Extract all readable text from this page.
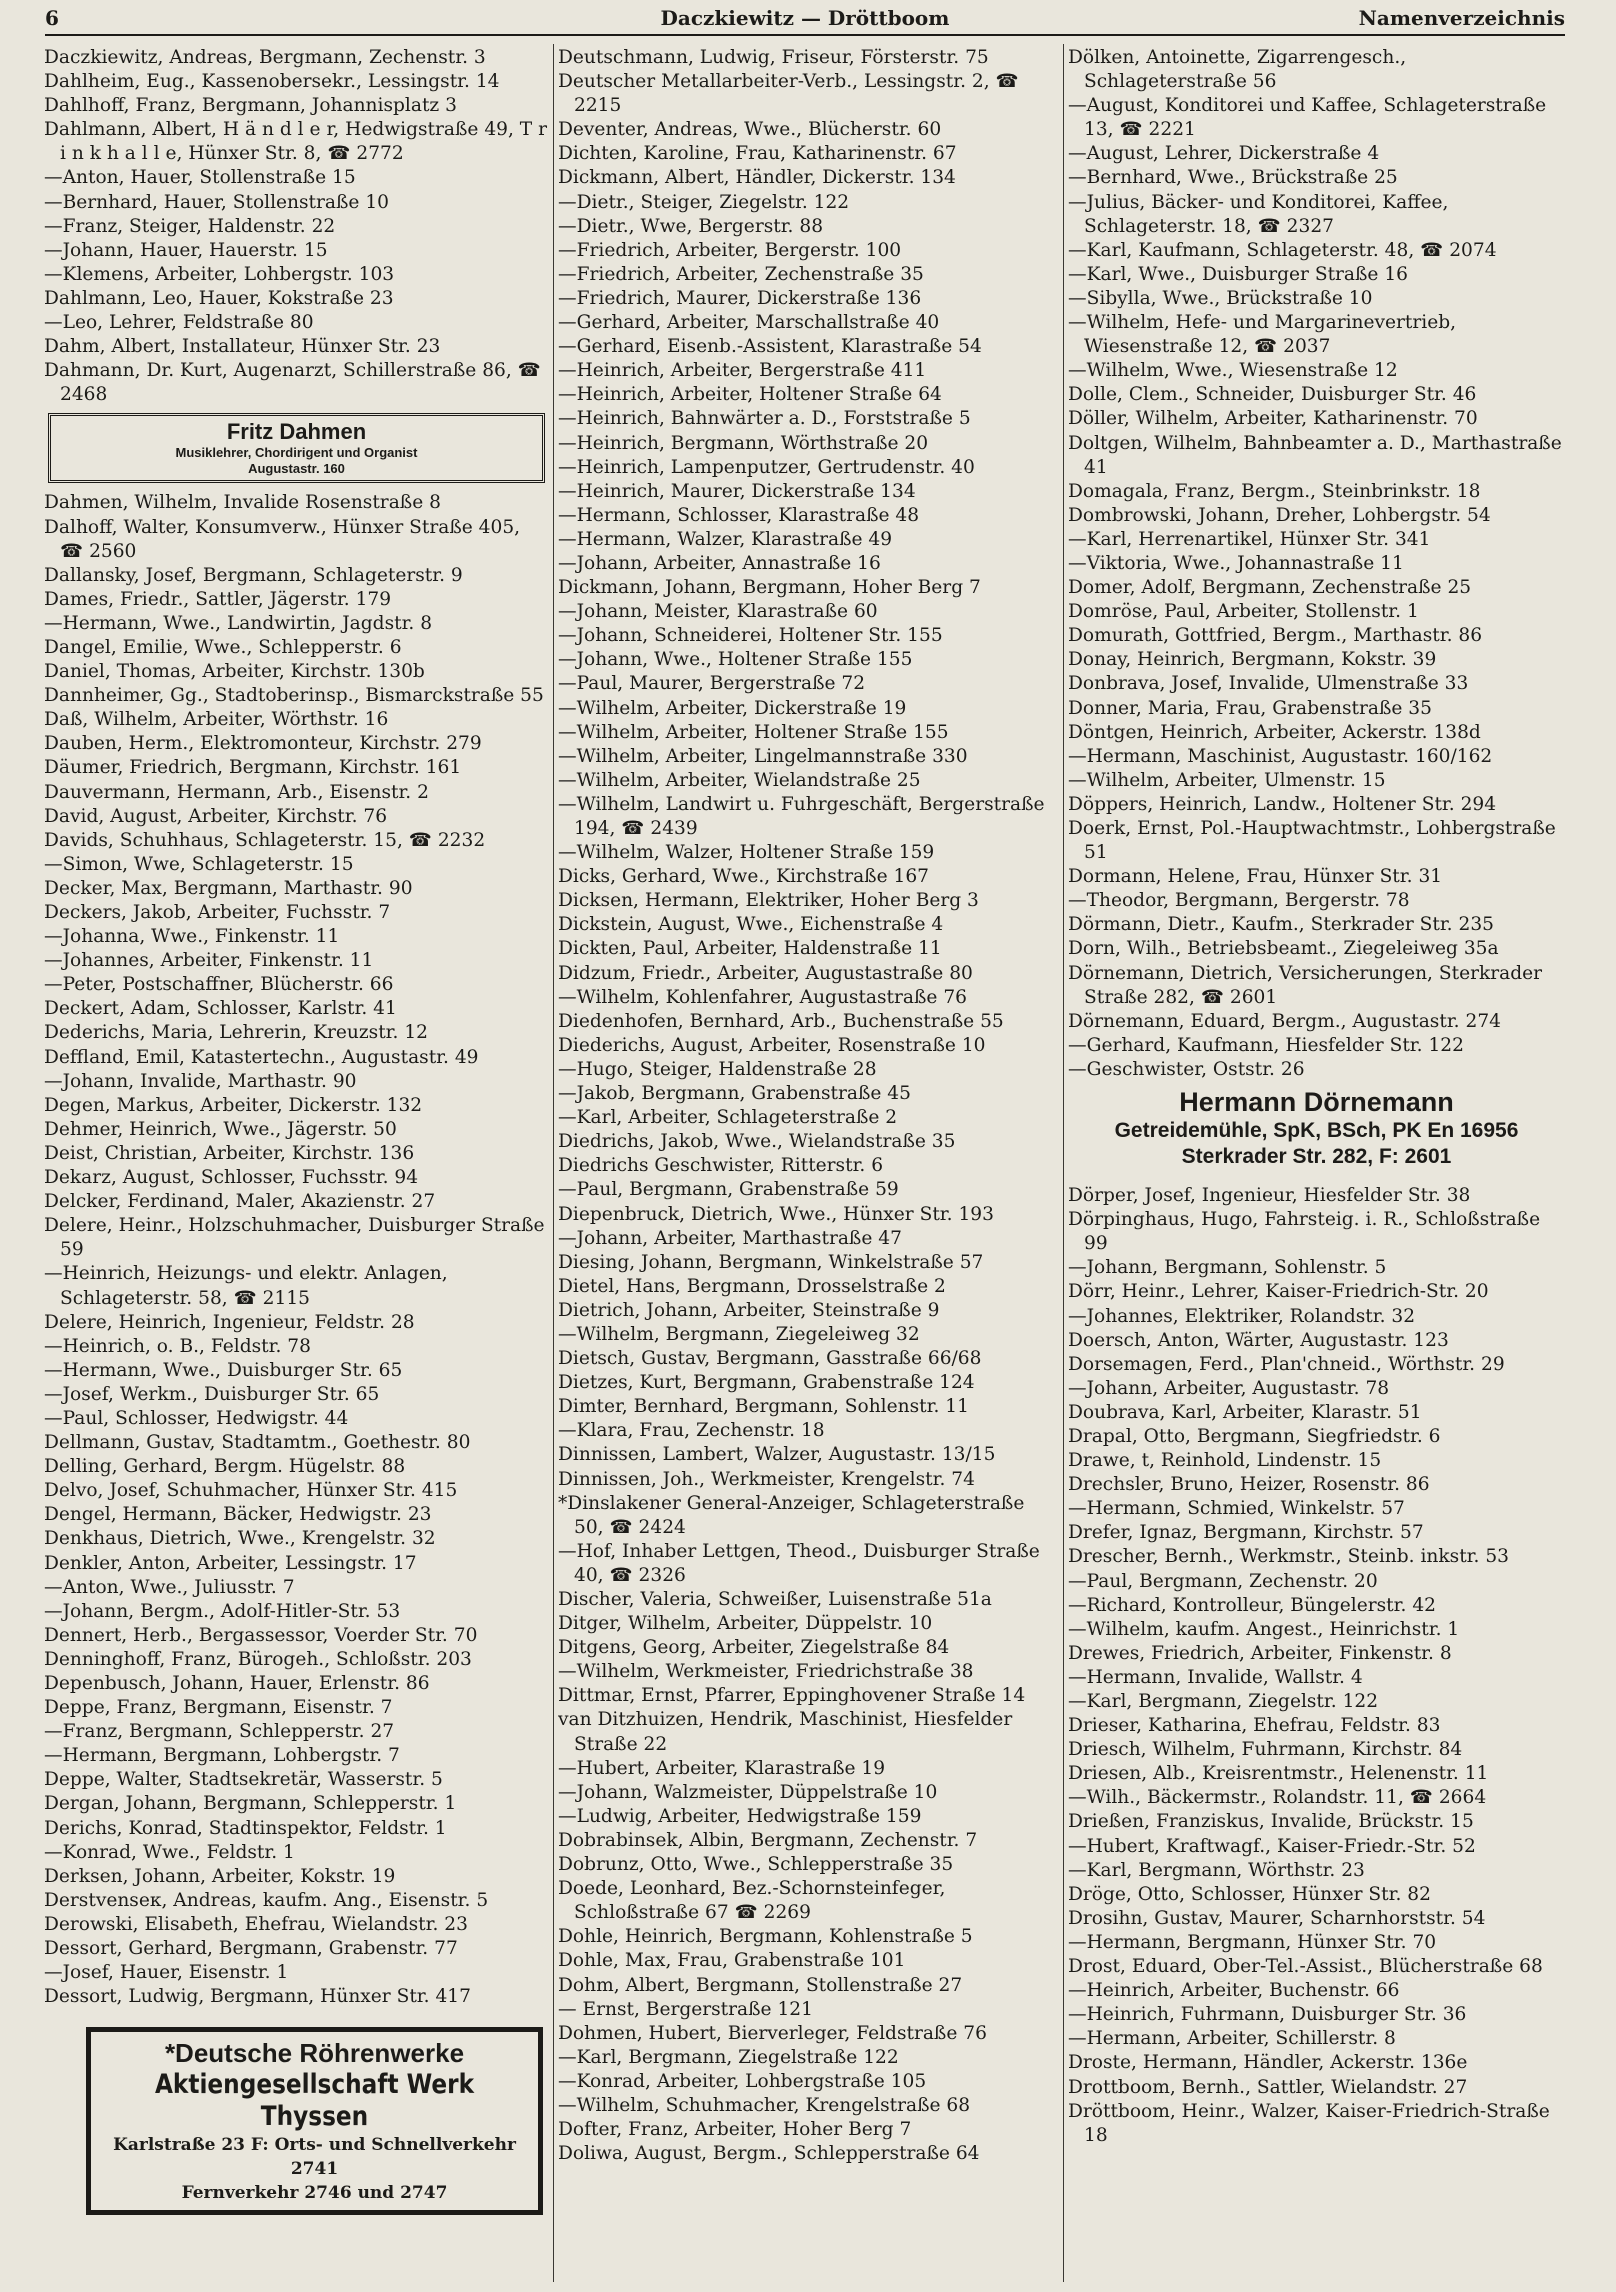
6	Daczkiewitz — Dröttboom	Namenverzeichnis

Daczkiewitz, Andreas, Bergmann, Zechenstr. 3

Dahlheim, Eug., Kassenobersekr., Lessingstr. 14

Dahlhoff, Franz, Bergmann, Johannisplatz 3

Dahlmann, Albert, H ä n d l e r, Hedwigstraße 49, T r i n k h a l l e, Hünxer Str. 8, ☎ 2772

—Anton, Hauer, Stollenstraße 15

—Bernhard, Hauer, Stollenstraße 10

—Franz, Steiger, Haldenstr. 22

—Johann, Hauer, Hauerstr. 15

—Klemens, Arbeiter, Lohbergstr. 103

Dahlmann, Leo, Hauer, Kokstraße 23

—Leo, Lehrer, Feldstraße 80

Dahm, Albert, Installateur, Hünxer Str. 23

Dahmann, Dr. Kurt, Augenarzt, Schillerstraße 86, ☎ 2468

Fritz Dahmen
Musiklehrer, Chordirigent und Organist
Augustastr. 160

Dahmen, Wilhelm, Invalide Rosenstraße 8

Dalhoff, Walter, Konsumverw., Hünxer Straße 405, ☎ 2560

Dallansky, Josef, Bergmann, Schlageterstr. 9

Dames, Friedr., Sattler, Jägerstr. 179

—Hermann, Wwe., Landwirtin, Jagdstr. 8

Dangel, Emilie, Wwe., Schlepperstr. 6

Daniel, Thomas, Arbeiter, Kirchstr. 130b

Dannheimer, Gg., Stadtoberinsp., Bismarckstraße 55

Daß, Wilhelm, Arbeiter, Wörthstr. 16

Dauben, Herm., Elektromonteur, Kirchstr. 279

Däumer, Friedrich, Bergmann, Kirchstr. 161

Dauvermann, Hermann, Arb., Eisenstr. 2

David, August, Arbeiter, Kirchstr. 76

Davids, Schuhhaus, Schlageterstr. 15, ☎ 2232

—Simon, Wwe, Schlageterstr. 15

Decker, Max, Bergmann, Marthastr. 90

Deckers, Jakob, Arbeiter, Fuchsstr. 7

—Johanna, Wwe., Finkenstr. 11

—Johannes, Arbeiter, Finkenstr. 11

—Peter, Postschaffner, Blücherstr. 66

Deckert, Adam, Schlosser, Karlstr. 41

Dederichs, Maria, Lehrerin, Kreuzstr. 12

Deffland, Emil, Katastertechn., Augustastr. 49

—Johann, Invalide, Marthastr. 90

Degen, Markus, Arbeiter, Dickerstr. 132

Dehmer, Heinrich, Wwe., Jägerstr. 50

Deist, Christian, Arbeiter, Kirchstr. 136

Dekarz, August, Schlosser, Fuchsstr. 94

Delcker, Ferdinand, Maler, Akazienstr. 27

Delere, Heinr., Holzschuhmacher, Duisburger Straße 59

—Heinrich, Heizungs- und elektr. Anlagen, Schlageterstr. 58, ☎ 2115

Delere, Heinrich, Ingenieur, Feldstr. 28

—Heinrich, o. B., Feldstr. 78

—Hermann, Wwe., Duisburger Str. 65

—Josef, Werkm., Duisburger Str. 65

—Paul, Schlosser, Hedwigstr. 44

Dellmann, Gustav, Stadtamtm., Goethestr. 80

Delling, Gerhard, Bergm. Hügelstr. 88

Delvo, Josef, Schuhmacher, Hünxer Str. 415

Dengel, Hermann, Bäcker, Hedwigstr. 23

Denkhaus, Dietrich, Wwe., Krengelstr. 32

Denkler, Anton, Arbeiter, Lessingstr. 17

—Anton, Wwe., Juliusstr. 7

—Johann, Bergm., Adolf-Hitler-Str. 53

Dennert, Herb., Bergassessor, Voerder Str. 70

Denninghoff, Franz, Bürogeh., Schloßstr. 203

Depenbusch, Johann, Hauer, Erlenstr. 86

Deppe, Franz, Bergmann, Eisenstr. 7

—Franz, Bergmann, Schlepperstr. 27

—Hermann, Bergmann, Lohbergstr. 7

Deppe, Walter, Stadtsekretär, Wasserstr. 5

Dergan, Johann, Bergmann, Schlepperstr. 1

Derichs, Konrad, Stadtinspektor, Feldstr. 1

—Konrad, Wwe., Feldstr. 1

Derksen, Johann, Arbeiter, Kokstr. 19

Derstvenseк, Andreas, kaufm. Ang., Eisenstr. 5

Derowski, Elisabeth, Ehefrau, Wielandstr. 23

Dessort, Gerhard, Bergmann, Grabenstr. 77

—Josef, Hauer, Eisenstr. 1

Dessort, Ludwig, Bergmann, Hünxer Str. 417

*Deutsche Röhrenwerke
Aktiengesellschaft Werk Thyssen
Karlstraße 23 F: Orts- und Schnellverkehr 2741
Fernverkehr 2746 und 2747

Deutschmann, Ludwig, Friseur, Försterstr. 75

Deutscher Metallarbeiter-Verb., Lessingstr. 2, ☎ 2215

Deventer, Andreas, Wwe., Blücherstr. 60

Dichten, Karoline, Frau, Katharinenstr. 67

Dickmann, Albert, Händler, Dickerstr. 134

—Dietr., Steiger, Ziegelstr. 122

—Dietr., Wwe, Bergerstr. 88

—Friedrich, Arbeiter, Bergerstr. 100

—Friedrich, Arbeiter, Zechenstraße 35

—Friedrich, Maurer, Dickerstraße 136

—Gerhard, Arbeiter, Marschallstraße 40

—Gerhard, Eisenb.-Assistent, Klarastraße 54

—Heinrich, Arbeiter, Bergerstraße 411

—Heinrich, Arbeiter, Holtener Straße 64

—Heinrich, Bahnwärter a. D., Forststraße 5

—Heinrich, Bergmann, Wörthstraße 20

—Heinrich, Lampenputzer, Gertrudenstr. 40

—Heinrich, Maurer, Dickerstraße 134

—Hermann, Schlosser, Klarastraße 48

—Hermann, Walzer, Klarastraße 49

—Johann, Arbeiter, Annastraße 16

Dickmann, Johann, Bergmann, Hoher Berg 7

—Johann, Meister, Klarastraße 60

—Johann, Schneiderei, Holtener Str. 155

—Johann, Wwe., Holtener Straße 155

—Paul, Maurer, Bergerstraße 72

—Wilhelm, Arbeiter, Dickerstraße 19

—Wilhelm, Arbeiter, Holtener Straße 155

—Wilhelm, Arbeiter, Lingelmannstraße 330

—Wilhelm, Arbeiter, Wielandstraße 25

—Wilhelm, Landwirt u. Fuhrgeschäft, Bergerstraße 194, ☎ 2439

—Wilhelm, Walzer, Holtener Straße 159

Dicks, Gerhard, Wwe., Kirchstraße 167

Dicksen, Hermann, Elektriker, Hoher Berg 3

Dickstein, August, Wwe., Eichenstraße 4

Dickten, Paul, Arbeiter, Haldenstraße 11

Didzum, Friedr., Arbeiter, Augustastraße 80

—Wilhelm, Kohlenfahrer, Augustastraße 76

Diedenhofen, Bernhard, Arb., Buchenstraße 55

Diederichs, August, Arbeiter, Rosenstraße 10

—Hugo, Steiger, Haldenstraße 28

—Jakob, Bergmann, Grabenstraße 45

—Karl, Arbeiter, Schlageterstraße 2

Diedrichs, Jakob, Wwe., Wielandstraße 35

Diedrichs Geschwister, Ritterstr. 6

—Paul, Bergmann, Grabenstraße 59

Diepenbruck, Dietrich, Wwe., Hünxer Str. 193

—Johann, Arbeiter, Marthastraße 47

Diesing, Johann, Bergmann, Winkelstraße 57

Dietel, Hans, Bergmann, Drosselstraße 2

Dietrich, Johann, Arbeiter, Steinstraße 9

—Wilhelm, Bergmann, Ziegeleiweg 32

Dietsch, Gustav, Bergmann, Gasstraße 66/68

Dietzes, Kurt, Bergmann, Grabenstraße 124

Dimter, Bernhard, Bergmann, Sohlenstr. 11

—Klara, Frau, Zechenstr. 18

Dinnissen, Lambert, Walzer, Augustastr. 13/15

Dinnissen, Joh., Werkmeister, Krengelstr. 74

*Dinslakener General-Anzeiger, Schlageterstraße 50, ☎ 2424

—Hof, Inhaber Lettgen, Theod., Duisburger Straße 40, ☎ 2326

Discher, Valeria, Schweißer, Luisenstraße 51a

Ditger, Wilhelm, Arbeiter, Düppelstr. 10

Ditgens, Georg, Arbeiter, Ziegelstraße 84

—Wilhelm, Werkmeister, Friedrichstraße 38

Dittmar, Ernst, Pfarrer, Eppinghovener Straße 14

van Ditzhuizen, Hendrik, Maschinist, Hiesfelder Straße 22

—Hubert, Arbeiter, Klarastraße 19

—Johann, Walzmeister, Düppelstraße 10

—Ludwig, Arbeiter, Hedwigstraße 159

Dobrabinsek, Albin, Bergmann, Zechenstr. 7

Dobrunz, Otto, Wwe., Schlepperstraße 35

Doede, Leonhard, Bez.-Schornsteinfeger, Schloßstraße 67 ☎ 2269

Dohle, Heinrich, Bergmann, Kohlenstraße 5

Dohle, Max, Frau, Grabenstraße 101

Dohm, Albert, Bergmann, Stollenstraße 27

— Ernst, Bergerstraße 121

Dohmen, Hubert, Bierverleger, Feldstraße 76

—Karl, Bergmann, Ziegelstraße 122

—Konrad, Arbeiter, Lohbergstraße 105

—Wilhelm, Schuhmacher, Krengelstraße 68

Dofter, Franz, Arbeiter, Hoher Berg 7

Doliwa, August, Bergm., Schlepperstraße 64

Dölken, Antoinette, Zigarrengesch., Schlageterstraße 56

—August, Konditorei und Kaffee, Schlageterstraße 13, ☎ 2221

—August, Lehrer, Dickerstraße 4

—Bernhard, Wwe., Brückstraße 25

—Julius, Bäcker- und Konditorei, Kaffee, Schlageterstr. 18, ☎ 2327

—Karl, Kaufmann, Schlageterstr. 48, ☎ 2074

—Karl, Wwe., Duisburger Straße 16

—Sibylla, Wwe., Brückstraße 10

—Wilhelm, Hefe- und Margarinevertrieb, Wiesenstraße 12, ☎ 2037

—Wilhelm, Wwe., Wiesenstraße 12

Dolle, Clem., Schneider, Duisburger Str. 46

Döller, Wilhelm, Arbeiter, Katharinenstr. 70

Doltgen, Wilhelm, Bahnbeamter a. D., Marthastraße 41

Domagala, Franz, Bergm., Steinbrinkstr. 18

Dombrowski, Johann, Dreher, Lohbergstr. 54

—Karl, Herrenartikel, Hünxer Str. 341

—Viktoria, Wwe., Johannastraße 11

Domer, Adolf, Bergmann, Zechenstraße 25

Domröse, Paul, Arbeiter, Stollenstr. 1

Domurath, Gottfried, Bergm., Marthastr. 86

Donay, Heinrich, Bergmann, Kokstr. 39

Donbrava, Josef, Invalide, Ulmenstraße 33

Donner, Maria, Frau, Grabenstraße 35

Döntgen, Heinrich, Arbeiter, Ackerstr. 138d

—Hermann, Maschinist, Augustastr. 160/162

—Wilhelm, Arbeiter, Ulmenstr. 15

Döppers, Heinrich, Landw., Holtener Str. 294

Doerk, Ernst, Pol.-Hauptwachtmstr., Lohbergstraße 51

Dormann, Helene, Frau, Hünxer Str. 31

—Theodor, Bergmann, Bergerstr. 78

Dörmann, Dietr., Kaufm., Sterkrader Str. 235

Dorn, Wilh., Betriebsbeamt., Ziegeleiweg 35a

Dörnemann, Dietrich, Versicherungen, Sterkrader Straße 282, ☎ 2601

Dörnemann, Eduard, Bergm., Augustastr. 274

—Gerhard, Kaufmann, Hiesfelder Str. 122

—Geschwister, Oststr. 26

Hermann Dörnemann
Getreidemühle, SpK, BSch, PK En 16956
Sterkrader Str. 282, F: 2601

Dörper, Josef, Ingenieur, Hiesfelder Str. 38

Dörpinghaus, Hugo, Fahrsteig. i. R., Schloßstraße 99

—Johann, Bergmann, Sohlenstr. 5

Dörr, Heinr., Lehrer, Kaiser-Friedrich-Str. 20

—Johannes, Elektriker, Rolandstr. 32

Doersch, Anton, Wärter, Augustastr. 123

Dorsemagen, Ferd., Plan'chneid., Wörthstr. 29

—Johann, Arbeiter, Augustastr. 78

Doubrava, Karl, Arbeiter, Klarastr. 51

Drapal, Otto, Bergmann, Siegfriedstr. 6

Drawe, t, Reinhold, Lindenstr. 15

Drechsler, Bruno, Heizer, Rosenstr. 86

—Hermann, Schmied, Winkelstr. 57

Drefer, Ignaz, Bergmann, Kirchstr. 57

Drescher, Bernh., Werkmstr., Steinb. inkstr. 53

—Paul, Bergmann, Zechenstr. 20

—Richard, Kontrolleur, Büngelerstr. 42

—Wilhelm, kaufm. Angest., Heinrichstr. 1

Drewes, Friedrich, Arbeiter, Finkenstr. 8

—Hermann, Invalide, Wallstr. 4

—Karl, Bergmann, Ziegelstr. 122

Drieser, Katharina, Ehefrau, Feldstr. 83

Driesch, Wilhelm, Fuhrmann, Kirchstr. 84

Driesen, Alb., Kreisrentmstr., Helenenstr. 11

—Wilh., Bäckermstr., Rolandstr. 11, ☎ 2664

Drießen, Franziskus, Invalide, Brückstr. 15

—Hubert, Kraftwagf., Kaiser-Friedr.-Str. 52

—Karl, Bergmann, Wörthstr. 23

Dröge, Otto, Schlosser, Hünxer Str. 82

Drosihn, Gustav, Maurer, Scharnhorststr. 54

—Hermann, Bergmann, Hünxer Str. 70

Drost, Eduard, Ober-Tel.-Assist., Blücherstraße 68

—Heinrich, Arbeiter, Buchenstr. 66

—Heinrich, Fuhrmann, Duisburger Str. 36

—Hermann, Arbeiter, Schillerstr. 8

Droste, Hermann, Händler, Ackerstr. 136e

Drottboom, Bernh., Sattler, Wielandstr. 27

Dröttboom, Heinr., Walzer, Kaiser-Friedrich-Straße 18
